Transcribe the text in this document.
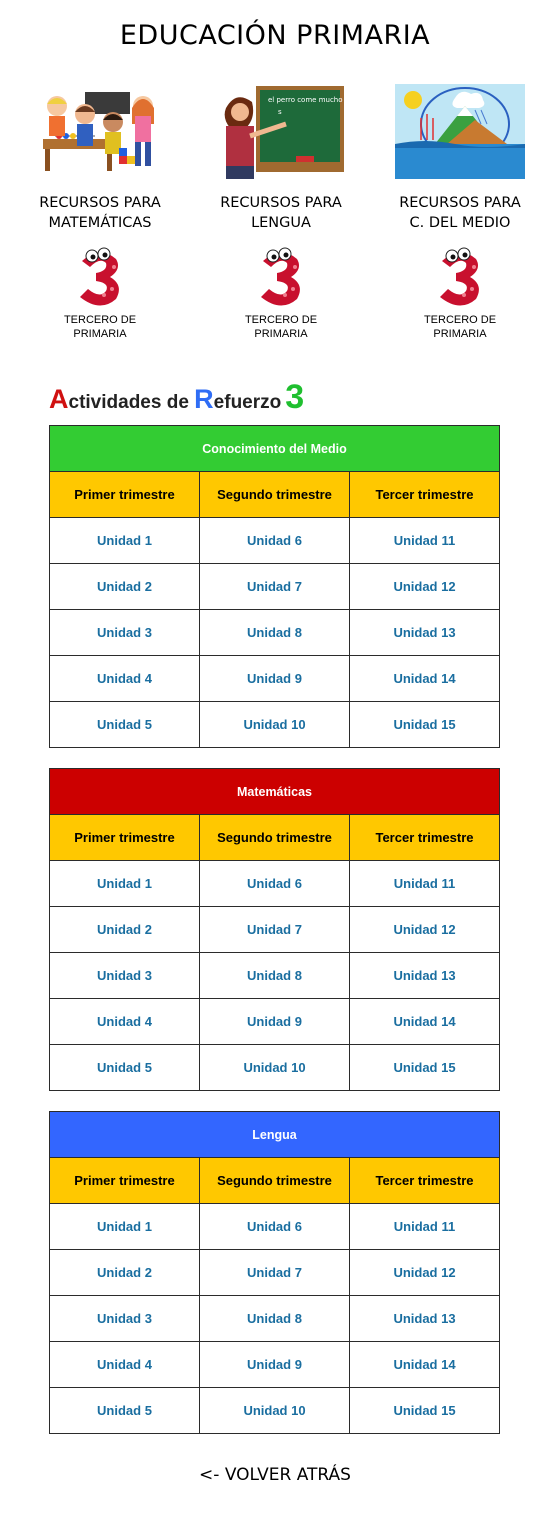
EDUCACIÓN PRIMARIA
RECURSOS PARA
MATEMÁTICAS
TERCERO DE
PRIMARIA
el perro come mucho
s
RECURSOS PARA
LENGUA
TERCERO DE
PRIMARIA
RECURSOS PARA
C. DEL MEDIO
TERCERO DE
PRIMARIA
Actividades de Refuerzo 3
Conocimiento del Medio		
Primer trimestre	Segundo trimestre	Tercer trimestre
Unidad 1	Unidad 6	Unidad 11
Unidad 2	Unidad 7	Unidad 12
Unidad 3	Unidad 8	Unidad 13
Unidad 4	Unidad 9	Unidad 14
Unidad 5	Unidad 10	Unidad 15
Matemáticas		
Primer trimestre	Segundo trimestre	Tercer trimestre
Unidad 1	Unidad 6	Unidad 11
Unidad 2	Unidad 7	Unidad 12
Unidad 3	Unidad 8	Unidad 13
Unidad 4	Unidad 9	Unidad 14
Unidad 5	Unidad 10	Unidad 15
Lengua		
Primer trimestre	Segundo trimestre	Tercer trimestre
Unidad 1	Unidad 6	Unidad 11
Unidad 2	Unidad 7	Unidad 12
Unidad 3	Unidad 8	Unidad 13
Unidad 4	Unidad 9	Unidad 14
Unidad 5	Unidad 10	Unidad 15
<- VOLVER ATRÁS
